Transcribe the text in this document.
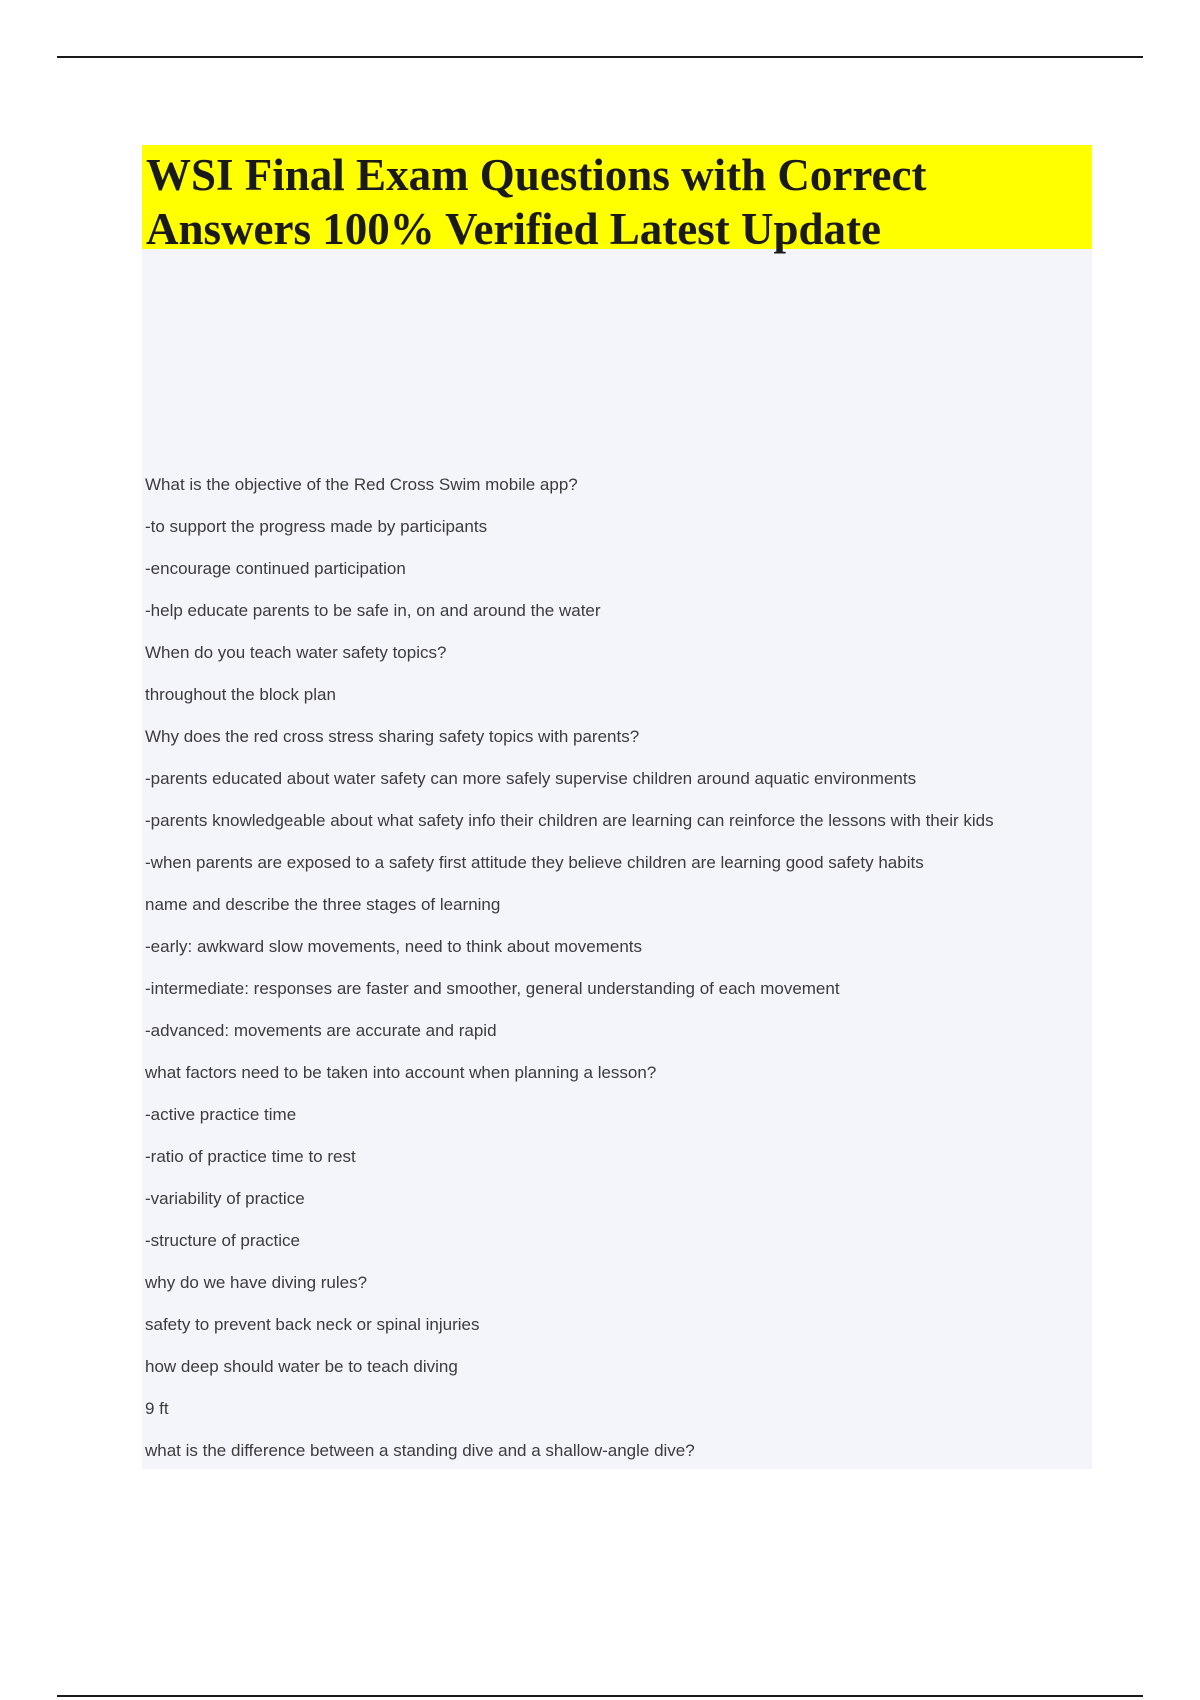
WSI Final Exam Questions with Correct
Answers 100% Verified Latest Update
What is the objective of the Red Cross Swim mobile app?
-to support the progress made by participants
-encourage continued participation
-help educate parents to be safe in, on and around the water
When do you teach water safety topics?
throughout the block plan
Why does the red cross stress sharing safety topics with parents?
-parents educated about water safety can more safely supervise children around aquatic environments
-parents knowledgeable about what safety info their children are learning can reinforce the lessons with their kids
-when parents are exposed to a safety first attitude they believe children are learning good safety habits
name and describe the three stages of learning
-early: awkward slow movements, need to think about movements
-intermediate: responses are faster and smoother, general understanding of each movement
-advanced: movements are accurate and rapid
what factors need to be taken into account when planning a lesson?
-active practice time
-ratio of practice time to rest
-variability of practice
-structure of practice
why do we have diving rules?
safety to prevent back neck or spinal injuries
how deep should water be to teach diving
9 ft
what is the difference between a standing dive and a shallow-angle dive?
